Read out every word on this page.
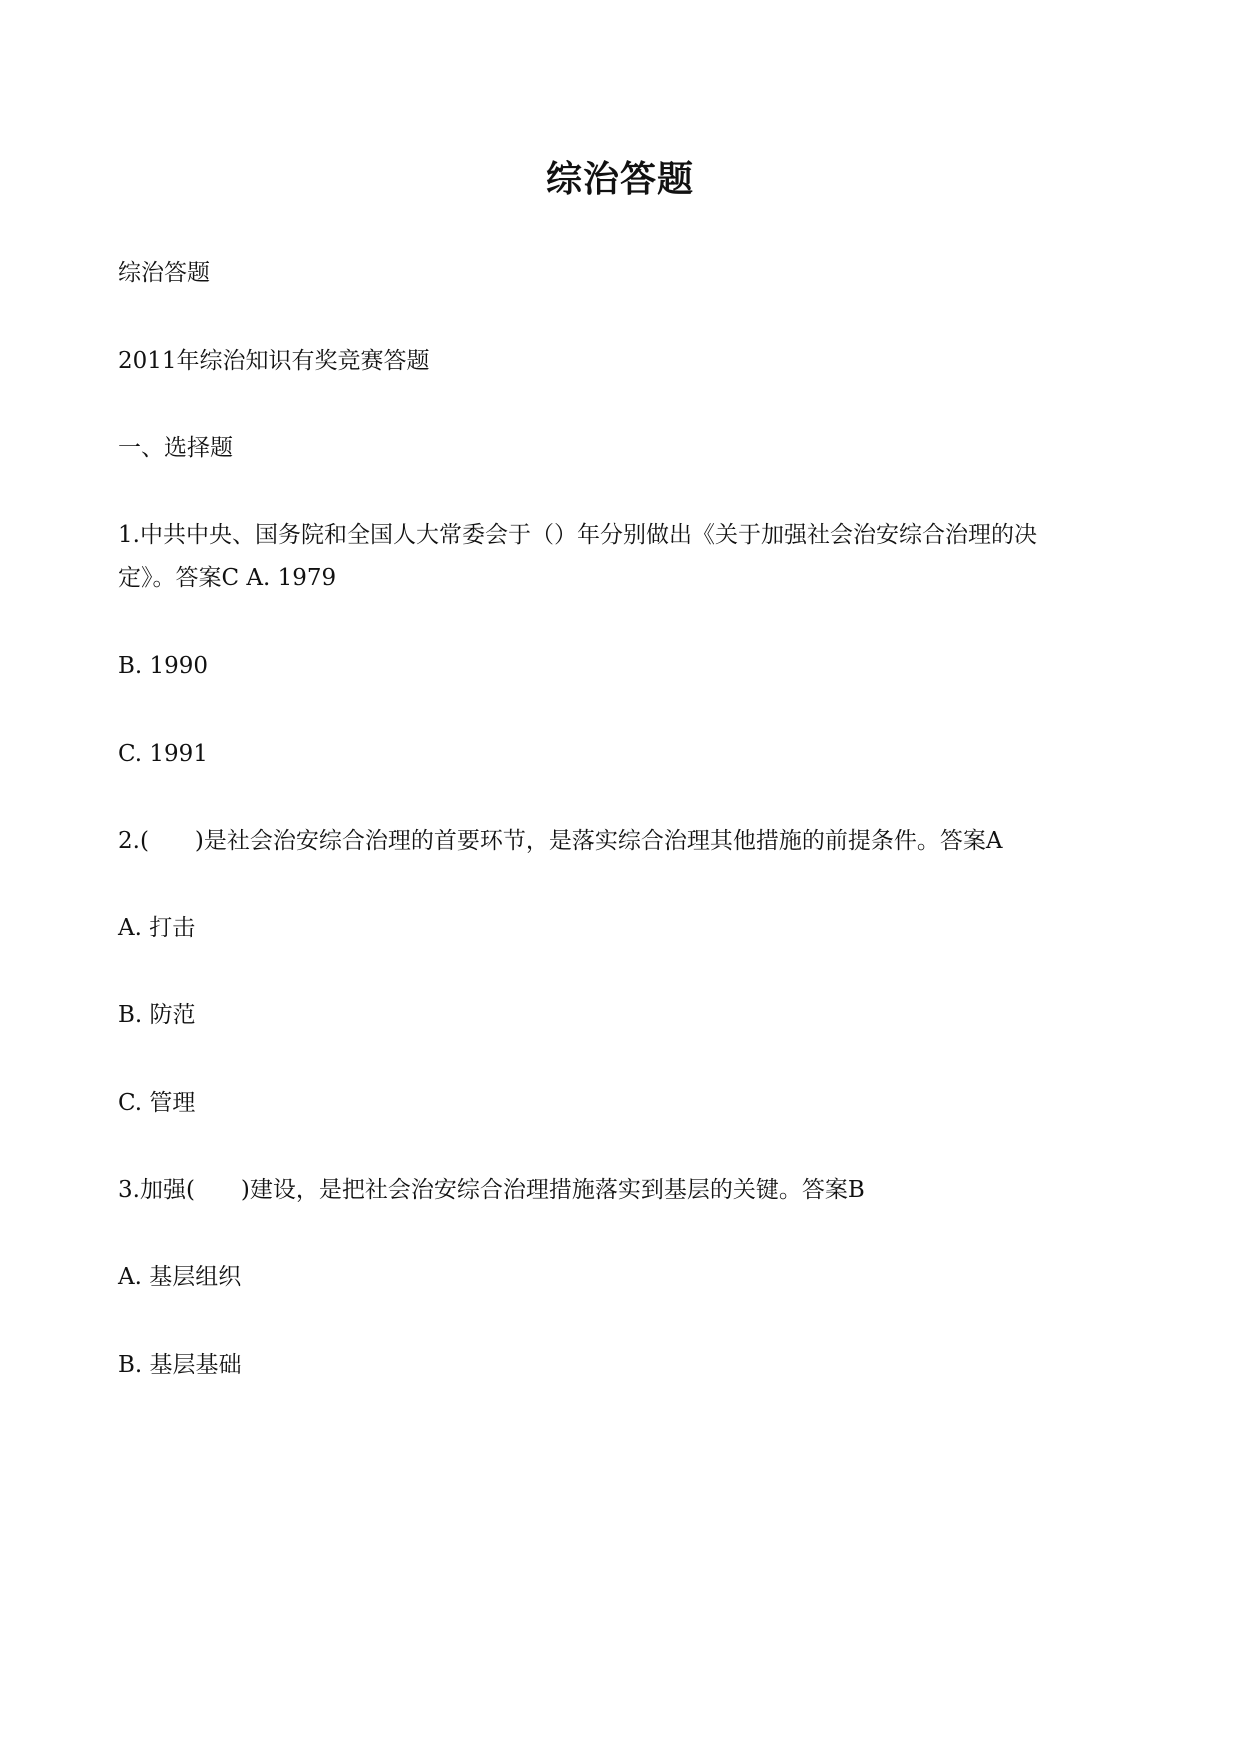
综治答题
综治答题
2011年综治知识有奖竞赛答题
一、选择题
1.中共中央、国务院和全国人大常委会于（）年分别做出《关于加强社会治安综合治理的决
定》。答案C A. 1979
B. 1990
C. 1991
2.(　　)是社会治安综合治理的首要环节，是落实综合治理其他措施的前提条件。答案A
A. 打击
B. 防范
C. 管理
3.加强(　　)建设，是把社会治安综合治理措施落实到基层的关键。答案B
A. 基层组织
B. 基层基础
